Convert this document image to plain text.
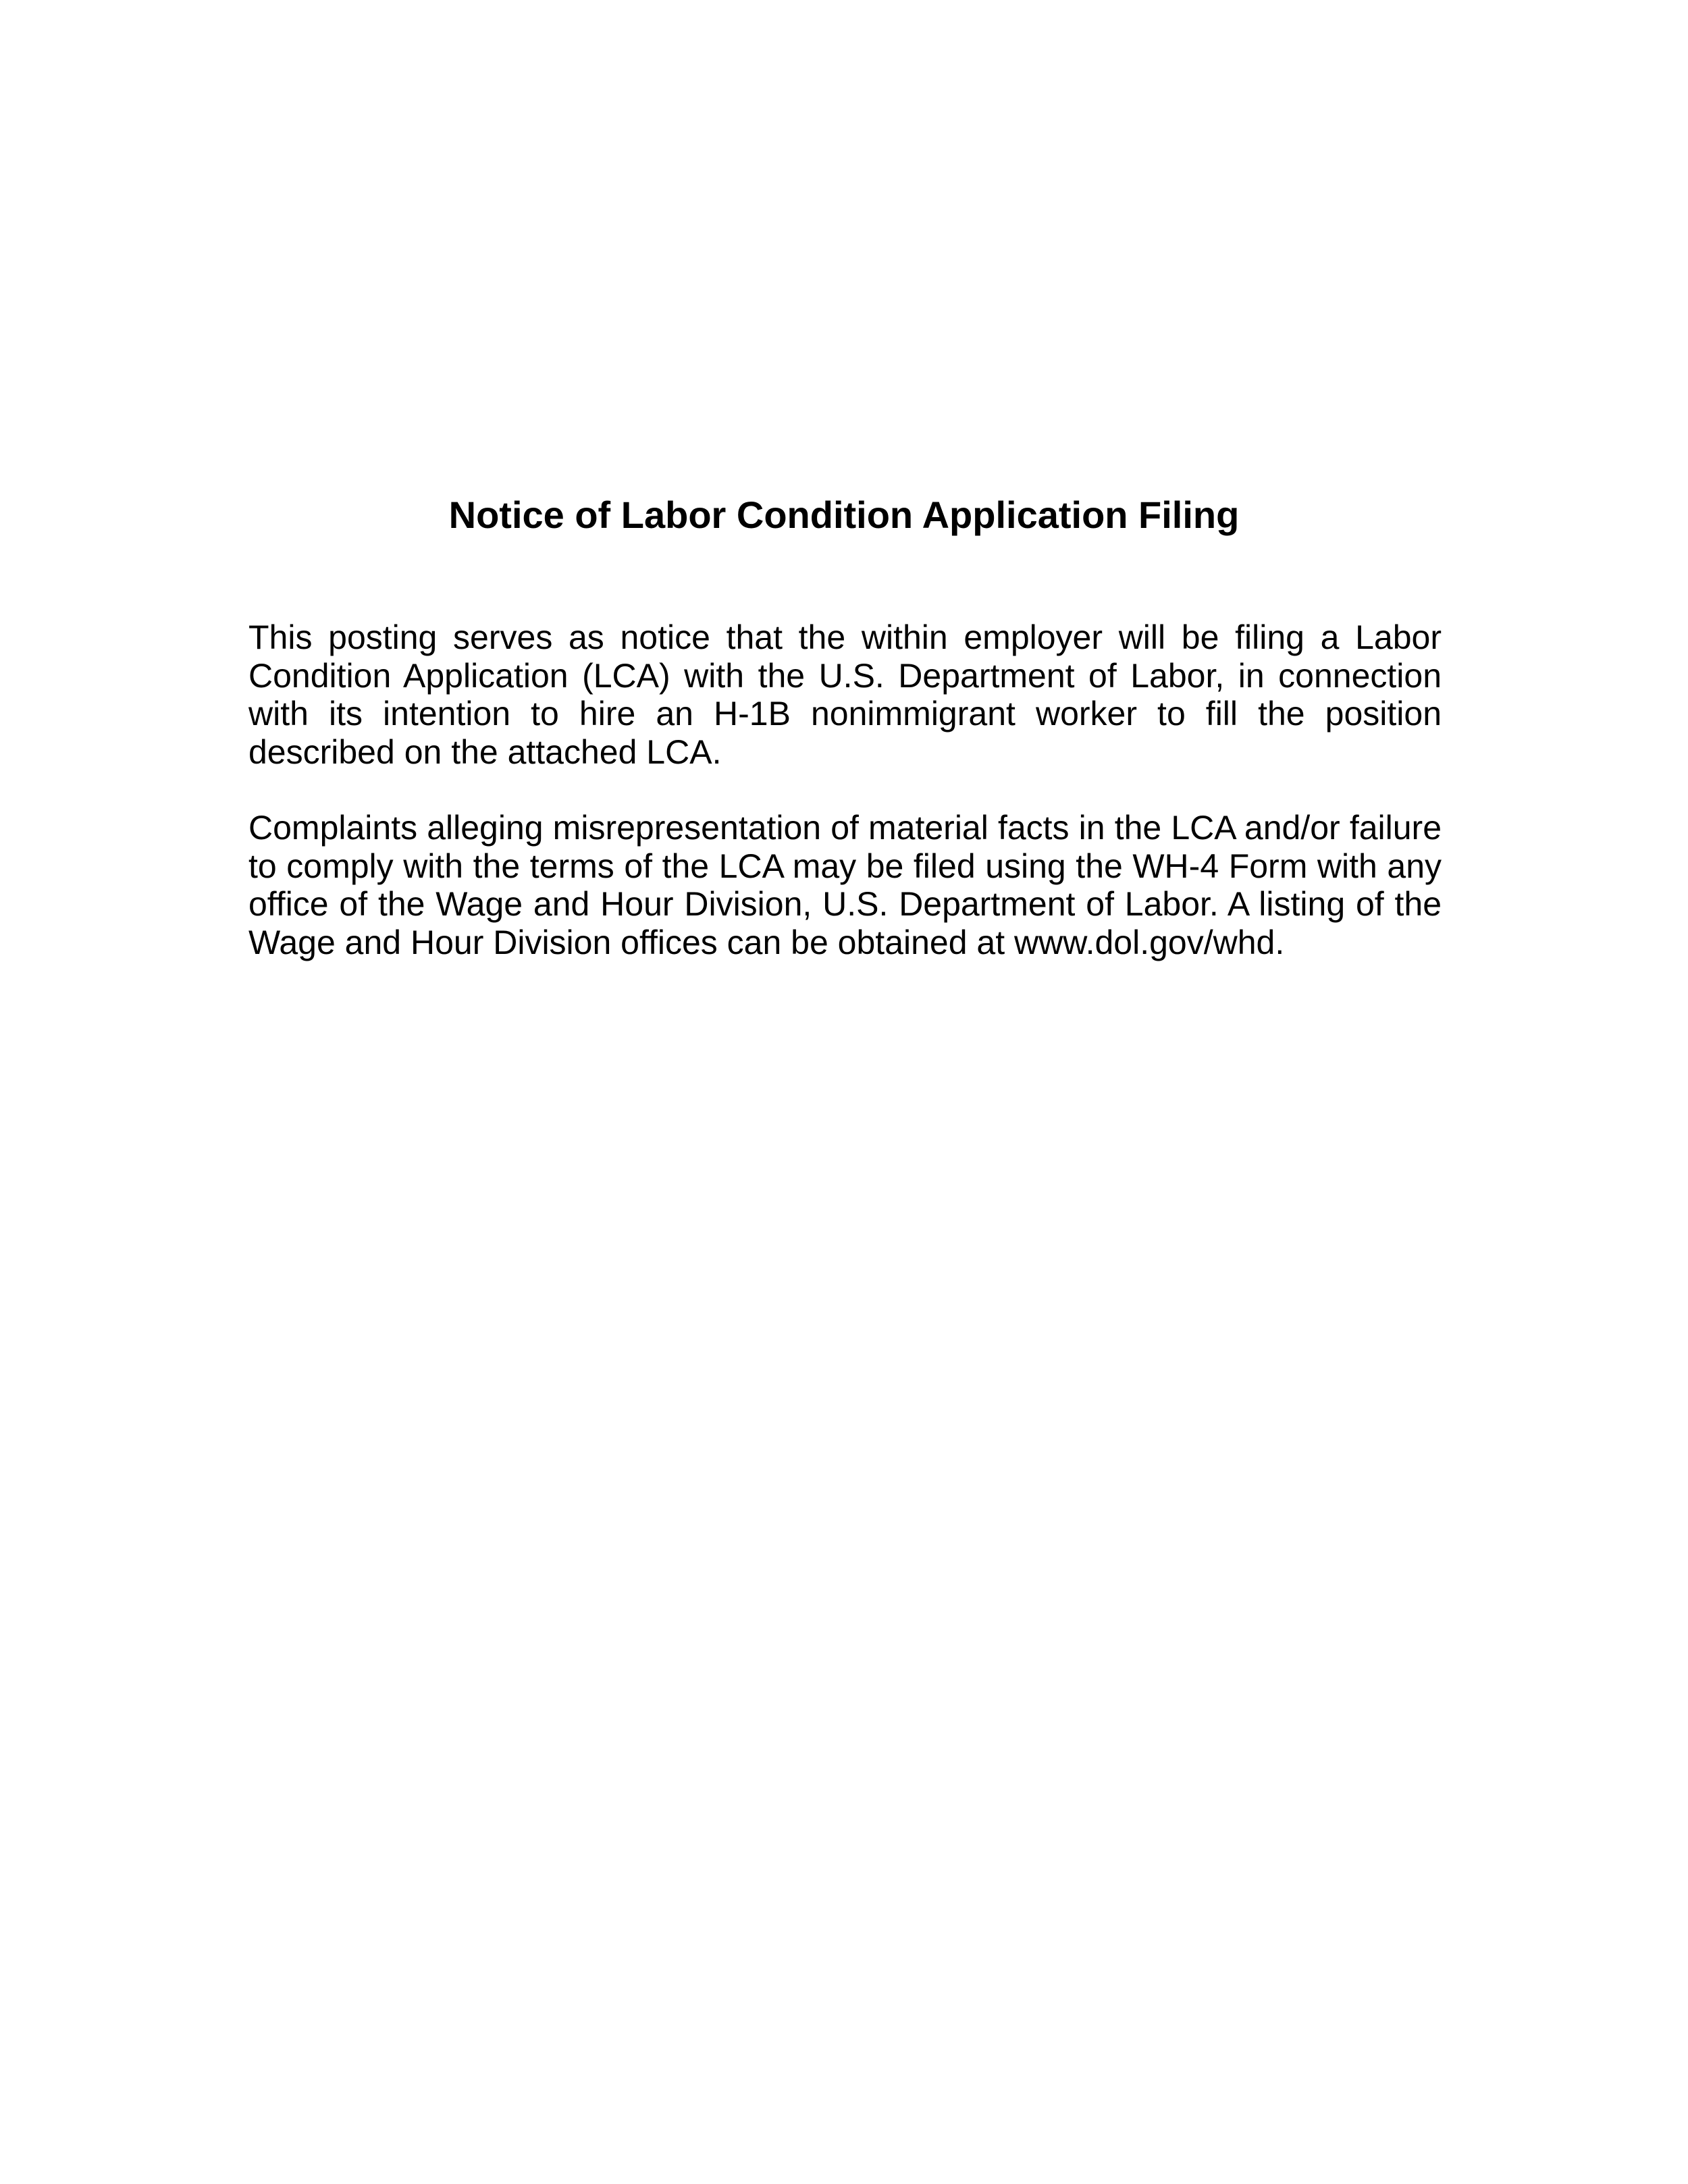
Notice of Labor Condition Application Filing

This posting serves as notice that the within employer will be filing a Labor Condition Application (LCA) with the U.S. Department of Labor, in connection with its intention to hire an H-1B nonimmigrant worker to fill the position described on the attached LCA.

Complaints alleging misrepresentation of material facts in the LCA and/or failure to comply with the terms of the LCA may be filed using the WH-4 Form with any office of the Wage and Hour Division, U.S. Department of Labor. A listing of the Wage and Hour Division offices can be obtained at www.dol.gov/whd.
